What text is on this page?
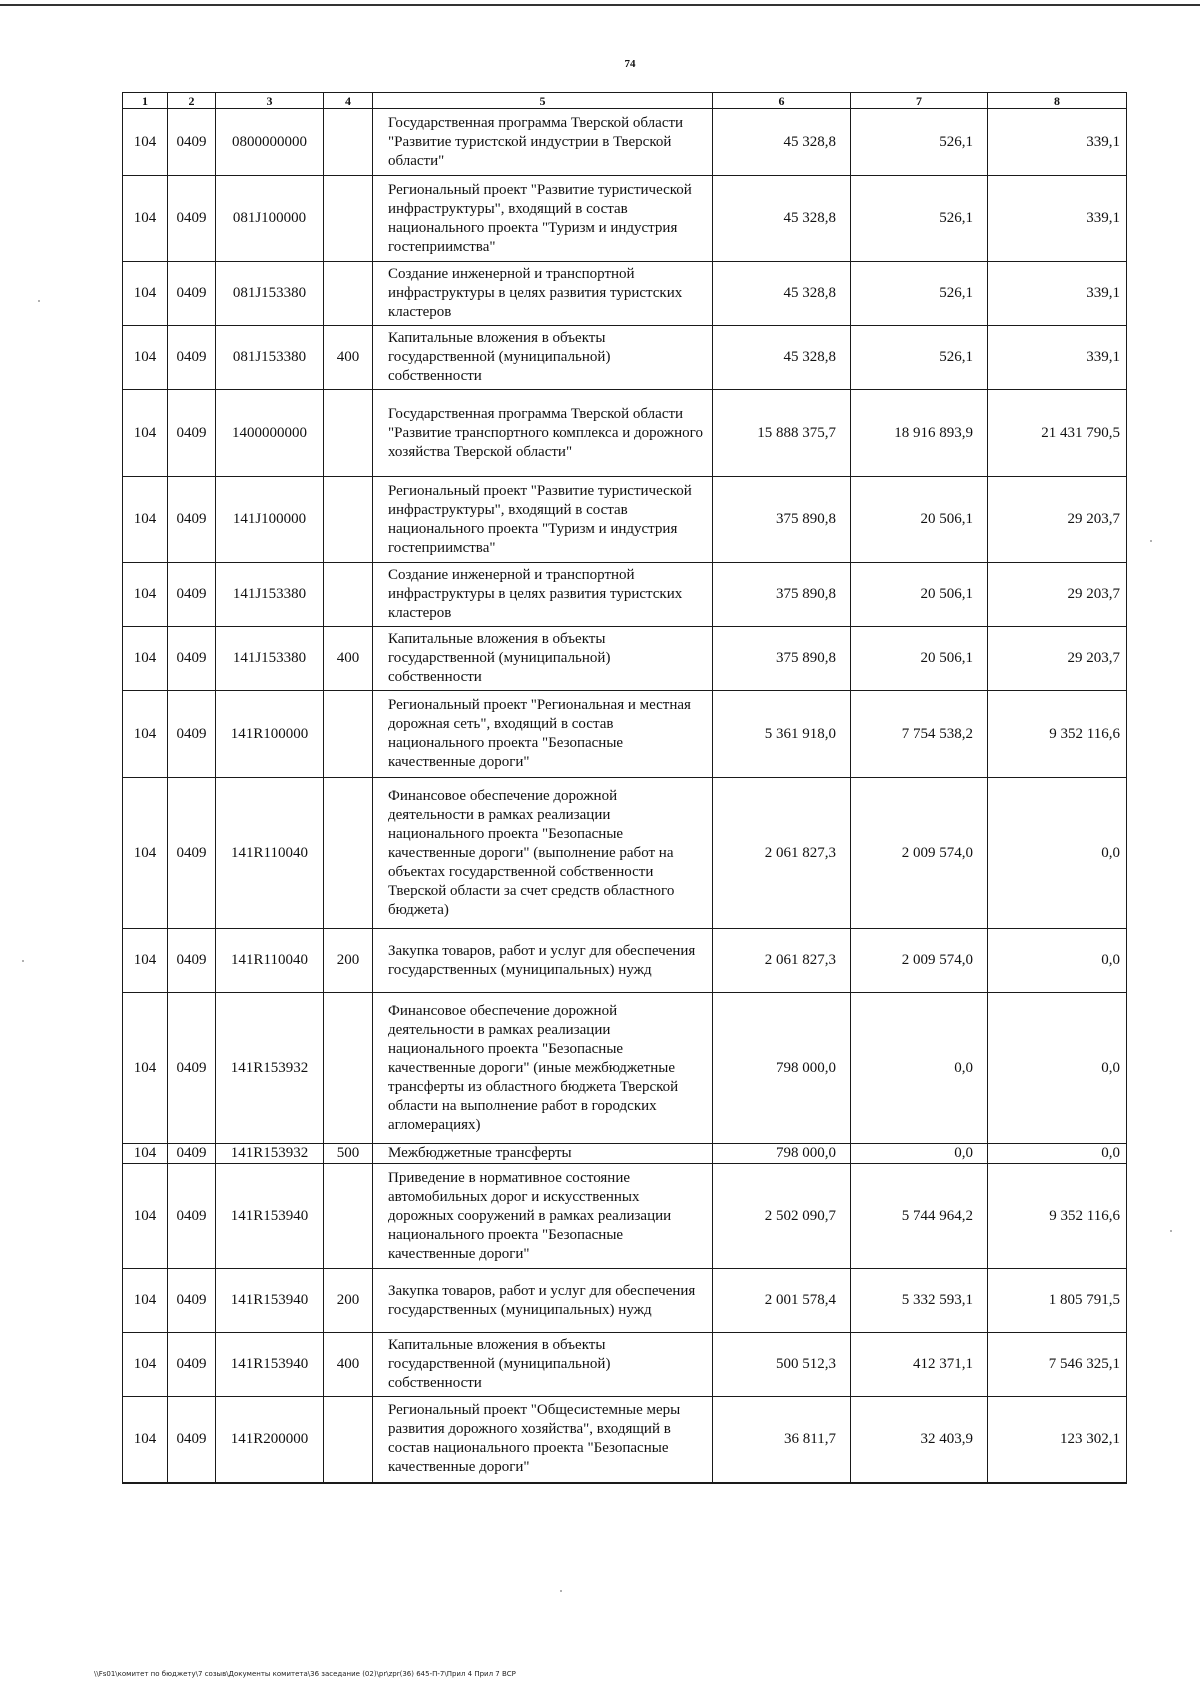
74
1	2	3	4	5	6	7	8
104	0409	0800000000		Государственная программа Тверской области "Развитие туристской индустрии в Тверской области"	45 328,8	526,1	339,1
104	0409	081J100000		Региональный проект "Развитие туристической инфраструктуры", входящий в состав национального проекта "Туризм и индустрия гостеприимства"	45 328,8	526,1	339,1
104	0409	081J153380		Создание инженерной и транспортной инфраструктуры в целях развития туристских кластеров	45 328,8	526,1	339,1
104	0409	081J153380	400	Капитальные вложения в объекты государственной (муниципальной) собственности	45 328,8	526,1	339,1
104	0409	1400000000		Государственная программа Тверской области "Развитие транспортного комплекса и дорожного хозяйства Тверской области"	15 888 375,7	18 916 893,9	21 431 790,5
104	0409	141J100000		Региональный проект "Развитие туристической инфраструктуры", входящий в состав национального проекта "Туризм и индустрия гостеприимства"	375 890,8	20 506,1	29 203,7
104	0409	141J153380		Создание инженерной и транспортной инфраструктуры в целях развития туристских кластеров	375 890,8	20 506,1	29 203,7
104	0409	141J153380	400	Капитальные вложения в объекты государственной (муниципальной) собственности	375 890,8	20 506,1	29 203,7
104	0409	141R100000		Региональный проект "Региональная и местная дорожная сеть", входящий в состав национального проекта "Безопасные качественные дороги"	5 361 918,0	7 754 538,2	9 352 116,6
104	0409	141R110040		Финансовое обеспечение дорожной деятельности в рамках реализации национального проекта "Безопасные качественные дороги" (выполнение работ на объектах государственной собственности Тверской области за счет средств областного бюджета)	2 061 827,3	2 009 574,0	0,0
104	0409	141R110040	200	Закупка товаров, работ и услуг для обеспечения государственных (муниципальных) нужд	2 061 827,3	2 009 574,0	0,0
104	0409	141R153932		Финансовое обеспечение дорожной деятельности в рамках реализации национального проекта "Безопасные качественные дороги" (иные межбюджетные трансферты из областного бюджета Тверской области на выполнение работ в городских агломерациях)	798 000,0	0,0	0,0
104	0409	141R153932	500	Межбюджетные трансферты	798 000,0	0,0	0,0
104	0409	141R153940		Приведение в нормативное состояние автомобильных дорог и искусственных дорожных сооружений в рамках реализации национального проекта "Безопасные качественные дороги"	2 502 090,7	5 744 964,2	9 352 116,6
104	0409	141R153940	200	Закупка товаров, работ и услуг для обеспечения государственных (муниципальных) нужд	2 001 578,4	5 332 593,1	1 805 791,5
104	0409	141R153940	400	Капитальные вложения в объекты государственной (муниципальной) собственности	500 512,3	412 371,1	7 546 325,1
104	0409	141R200000		Региональный проект "Общесистемные меры развития дорожного хозяйства", входящий в состав национального проекта "Безопасные качественные дороги"	36 811,7	32 403,9	123 302,1
\\Fs01\комитет по бюджету\7 созыв\Документы комитета\36 заседание (02)\pr\zpr(36) 645-П-7\Прил 4 Прил 7 ВСР
